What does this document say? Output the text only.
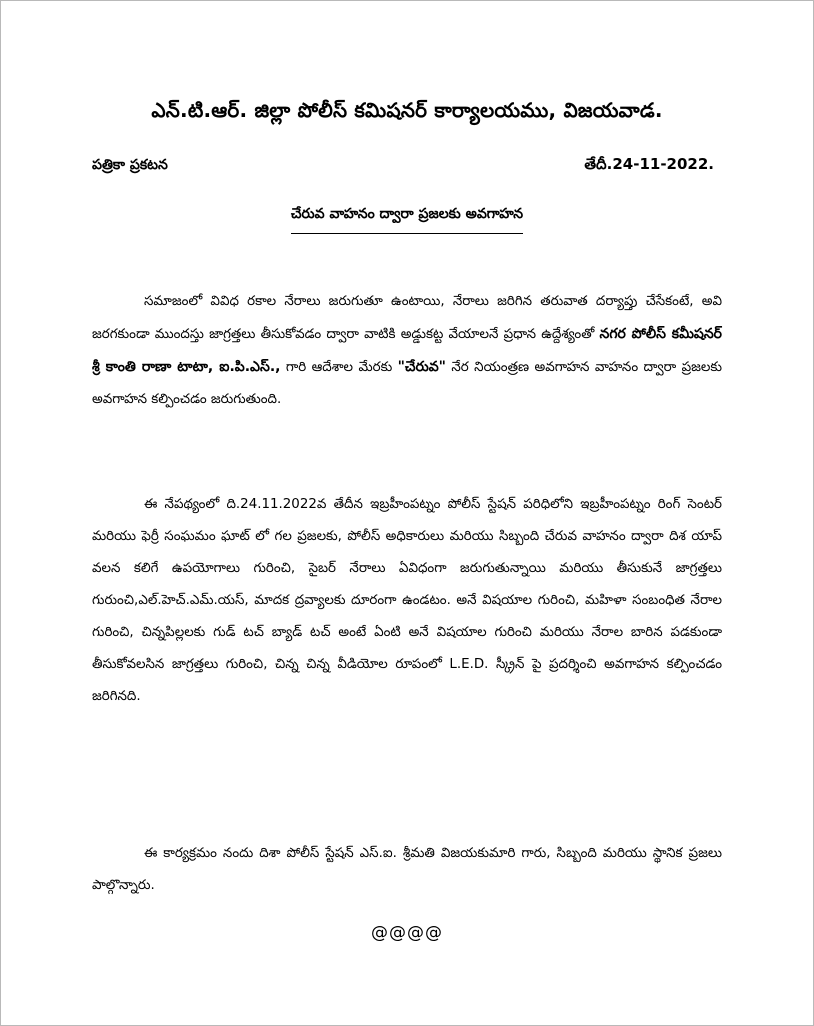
ఎన్.టి.ఆర్. జిల్లా పోలీస్ కమిషనర్ కార్యాలయము, విజయవాడ.
పత్రికా ప్రకటన	తేదీ.24-11-2022.
చేరువ వాహనం ద్వారా ప్రజలకు అవగాహన

సమాజంలో వివిధ రకాల నేరాలు జరుగుతూ ఉంటాయి, నేరాలు జరిగిన తరువాత దర్యాప్తు చేసేకంటే, అవి జరగకుండా ముందస్తు జాగ్రత్తలు తీసుకోవడం ద్వారా వాటికి అడ్డుకట్ట వేయాలనే ప్రధాన ఉద్దేశ్యంతో నగర పోలీస్ కమీషనర్ శ్రీ కాంతి రాణా టాటా, ఐ.పి.ఎస్., గారి ఆదేశాల మేరకు "చేరువ" నేర నియంత్రణ అవగాహన వాహనం ద్వారా ప్రజలకు అవగాహన కల్పించడం జరుగుతుంది.

ఈ నేపథ్యంలో ది.24.11.2022వ తేదీన ఇబ్రహీంపట్నం పోలీస్ స్టేషన్ పరిధిలోని ఇబ్రహీంపట్నం రింగ్ సెంటర్ మరియు ఫెర్రీ సంఘమం ఘాట్ లో గల ప్రజలకు, పోలీస్ అధికారులు మరియు సిబ్బంది చేరువ వాహనం ద్వారా దిశ యాప్ వలన కలిగే ఉపయోగాలు గురించి, సైబర్ నేరాలు ఏవిధంగా జరుగుతున్నాయి మరియు తీసుకునే జాగ్రత్తలు గురుంచి,ఎల్.హెచ్.ఎమ్.యస్, మాదక ద్రవ్యాలకు దూరంగా ఉండటం. అనే విషయాల గురించి, మహిళా సంబంధిత నేరాల గురించి, చిన్నపిల్లలకు గుడ్ టచ్ బ్యాడ్ టచ్ అంటే ఏంటి అనే విషయాల గురించి మరియు నేరాల బారిన పడకుండా తీసుకోవలసిన జాగ్రత్తలు గురించి, చిన్న చిన్న వీడియోల రూపంలో L.E.D. స్క్రీన్ పై ప్రదర్శించి అవగాహన కల్పించడం జరిగినది.

ఈ కార్యక్రమం నందు దిశా పోలీస్ స్టేషన్ ఎస్.ఐ. శ్రీమతి విజయకుమారి గారు, సిబ్బంది మరియు స్థానిక ప్రజలు పాల్గొన్నారు.

@@@@
